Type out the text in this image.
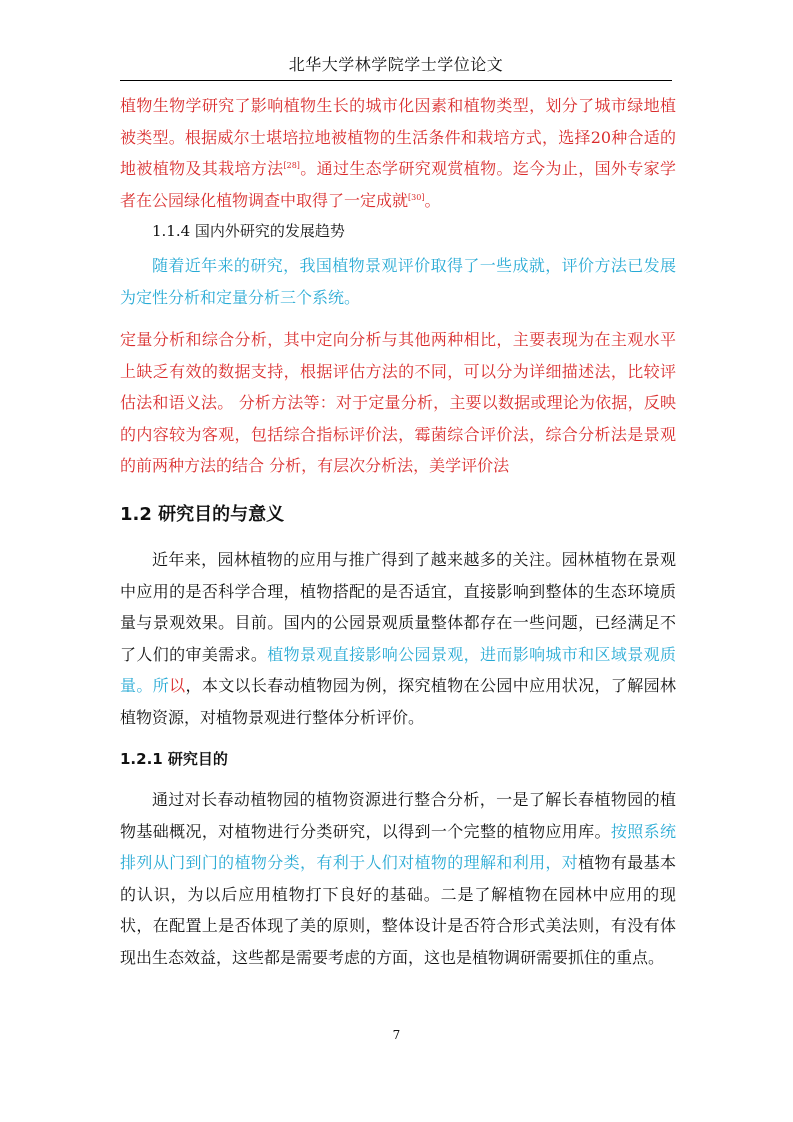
北华大学林学院学士学位论文

植物生物学研究了影响植物生长的城市化因素和植物类型，划分了城市绿地植被类型。根据威尔士堪培拉地被植物的生活条件和栽培方式，选择20种合适的地被植物及其栽培方法[28]。通过生态学研究观赏植物。迄今为止，国外专家学者在公园绿化植物调查中取得了一定成就[30]。

1.1.4 国内外研究的发展趋势

随着近年来的研究，我国植物景观评价取得了一些成就，评价方法已发展为定性分析和定量分析三个系统。

定量分析和综合分析，其中定向分析与其他两种相比，主要表现为在主观水平上缺乏有效的数据支持，根据评估方法的不同，可以分为详细描述法，比较评估法和语义法。 分析方法等：对于定量分析，主要以数据或理论为依据，反映的内容较为客观，包括综合指标评价法，霉菌综合评价法，综合分析法是景观的前两种方法的结合 分析，有层次分析法，美学评价法

1.2 研究目的与意义

近年来，园林植物的应用与推广得到了越来越多的关注。园林植物在景观中应用的是否科学合理，植物搭配的是否适宜，直接影响到整体的生态环境质量与景观效果。目前。国内的公园景观质量整体都存在一些问题，已经满足不了人们的审美需求。植物景观直接影响公园景观，进而影响城市和区域景观质量。所以，本文以长春动植物园为例，探究植物在公园中应用状况，了解园林植物资源，对植物景观进行整体分析评价。

1.2.1 研究目的

通过对长春动植物园的植物资源进行整合分析，一是了解长春植物园的植物基础概况，对植物进行分类研究，以得到一个完整的植物应用库。按照系统排列从门到门的植物分类，有利于人们对植物的理解和利用，对植物有最基本的认识，为以后应用植物打下良好的基础。二是了解植物在园林中应用的现状，在配置上是否体现了美的原则，整体设计是否符合形式美法则，有没有体现出生态效益，这些都是需要考虑的方面，这也是植物调研需要抓住的重点。

7
